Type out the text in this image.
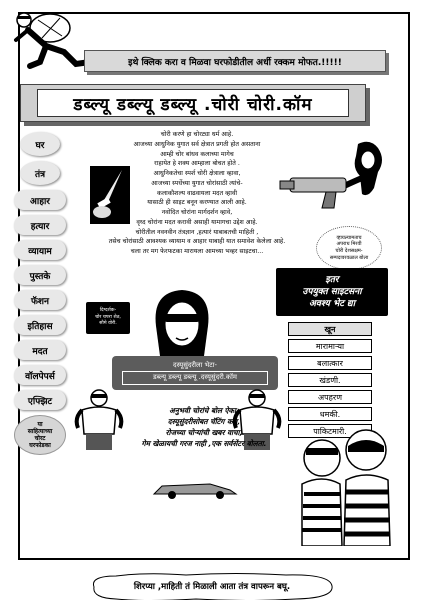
इथे क्लिक करा व मिळवा घरफोडीतील अर्धी रक्कम मोफत.!!!!!
डब्ल्यू डब्ल्यू डब्ल्यू .चोरी चोरी.कॉम
घर
तंत्र
आहार
हत्यार
व्यायाम
पुस्तके
फॅशन
इतिहास
मदत
वॉलपेपर्स
एफ्झिट
या
साहित्याच्या
चोरट
घरफोडका
चोरी करणे हा चोरट्या धर्म आहे.
आजच्या आधुनिक युगात सर्व क्षेत्रात प्रगती होत असताना
आम्ही चोर बांधव कलाच्या मागेच
राहायेत हे शक्य आम्हाला बोचत होते .
आधुनिकतेचा स्पर्श चोरी क्षेत्राला व्हावा,
आजच्या स्पर्धेच्या युगात चोरांसाठी त्यांचे-
कलाकौशल्य वाढवायला मदत व्हावी
यासाठी ही साइट बनून करण्यात आली आहे.
नवोदित चोरांना मार्गदर्शन व्हावे,
वृध्द चोरांना मदत करावी असाही यामागचा उद्देश आहे.
चोरीतील नवनवीन तंत्रज्ञान ,हत्यारं याबाबतची माहिती ,
तसेच चोरांसाठी आवश्यक व्यायाम व आहार याबाही यात समावेश केलेला आहे.
चला तर मग फेरफटका मारायला आमच्या भव्हर साइटचा...
व्हायल्यामताच
अपराध मिरवी
चोरी देशसक्षम-
सम्पदावरवळाल बोला
दिग्दर्शक-
चोर चपरा शेठ,
सौमे वोरी.
इतर
उपयुक्त साइटसना
अवश्य भेट द्या
खून
मारामाऱ्या
बलात्कार
खंडणी.
अपहरण
धमकी.
पाकिटमारी.
दस्यूसुंदरीला भेटा-
डब्ल्यू डब्ल्यू डब्ल्यू .दस्यूसुंदरी.कॉम
अनुभवी चोरांचे बोल ऐका,
दस्यूसुंदरीसोबत चॅटिंग करा,
रोजच्या चोऱ्यांची खबर वाचा,
गेम खेळायची गरज नाही ,एक सर्वसेंटर बोलता.
शिरप्या ,माहिती तं मिळाली आता तंत्र वापरून बघू.
